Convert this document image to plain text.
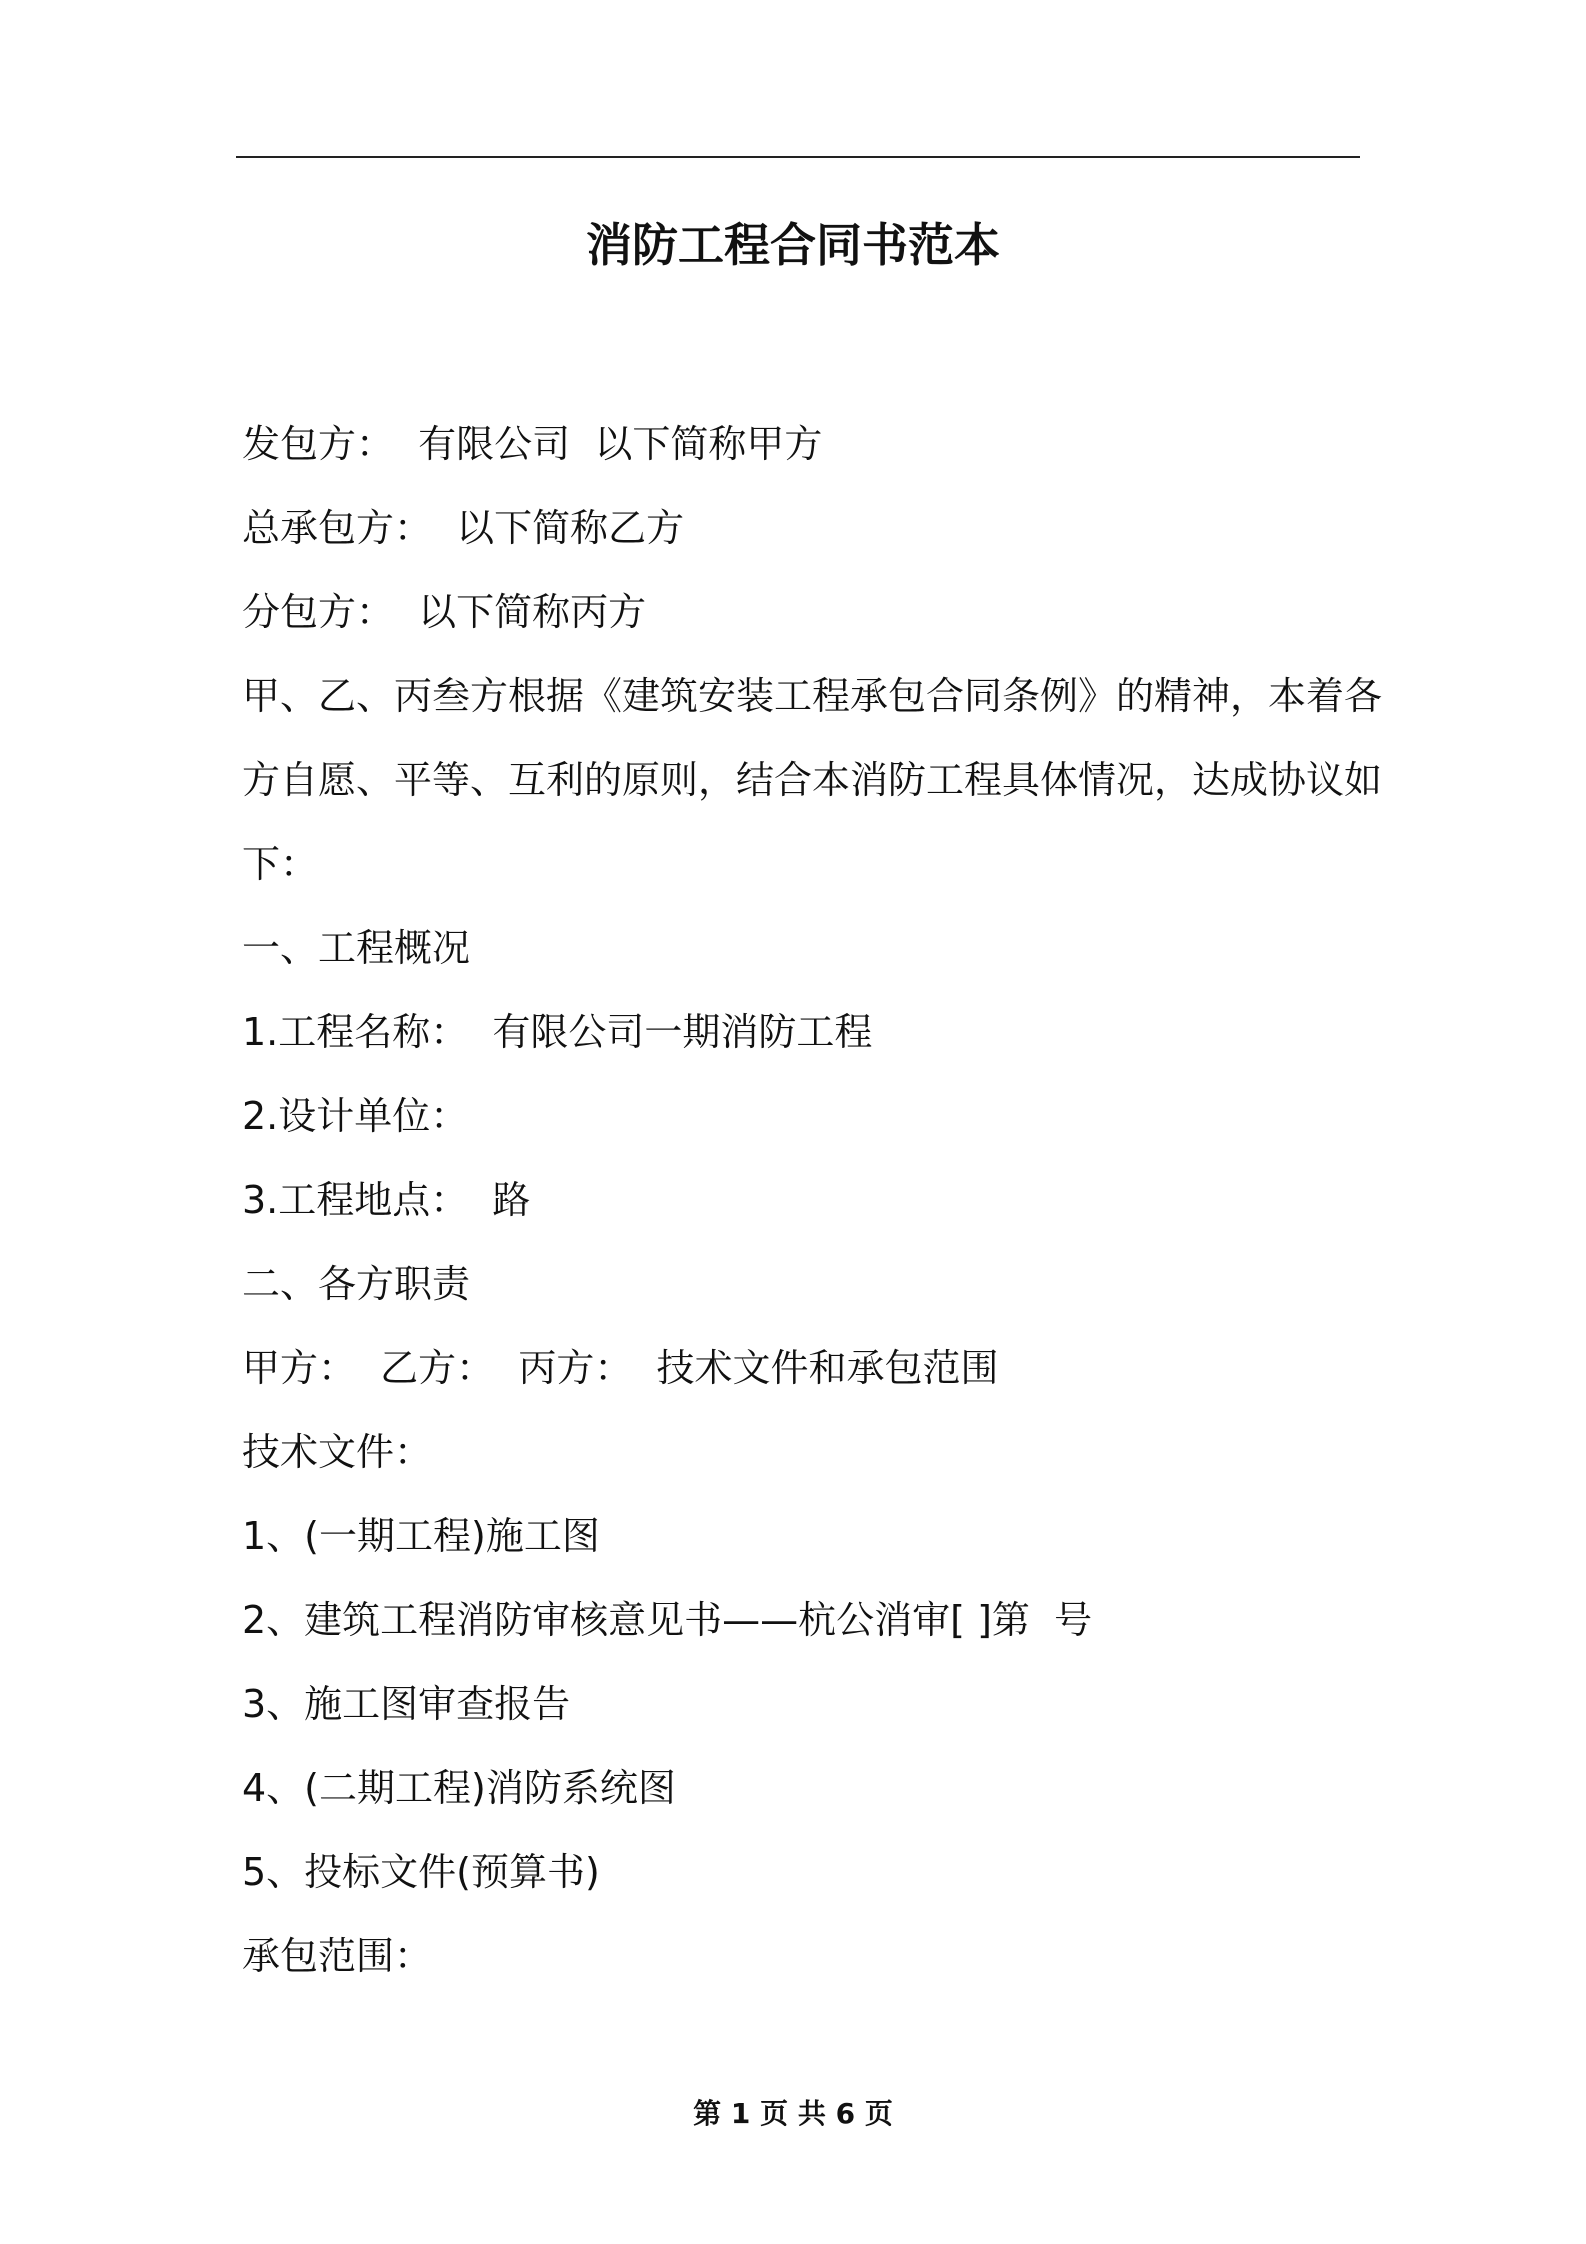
消防工程合同书范本
发包方：  有限公司  以下简称甲方
总承包方：  以下简称乙方
分包方：  以下简称丙方
甲、乙、丙叁方根据《建筑安装工程承包合同条例》的精神，本着各
方自愿、平等、互利的原则，结合本消防工程具体情况，达成协议如
下：
一、工程概况
1.工程名称：  有限公司一期消防工程
2.设计单位：
3.工程地点：  路
二、各方职责
甲方：  乙方：  丙方：  技术文件和承包范围
技术文件：
1、(一期工程)施工图
2、建筑工程消防审核意见书——杭公消审[ ]第  号
3、施工图审查报告
4、(二期工程)消防系统图
5、投标文件(预算书)
承包范围：
第 1 页 共 6 页
